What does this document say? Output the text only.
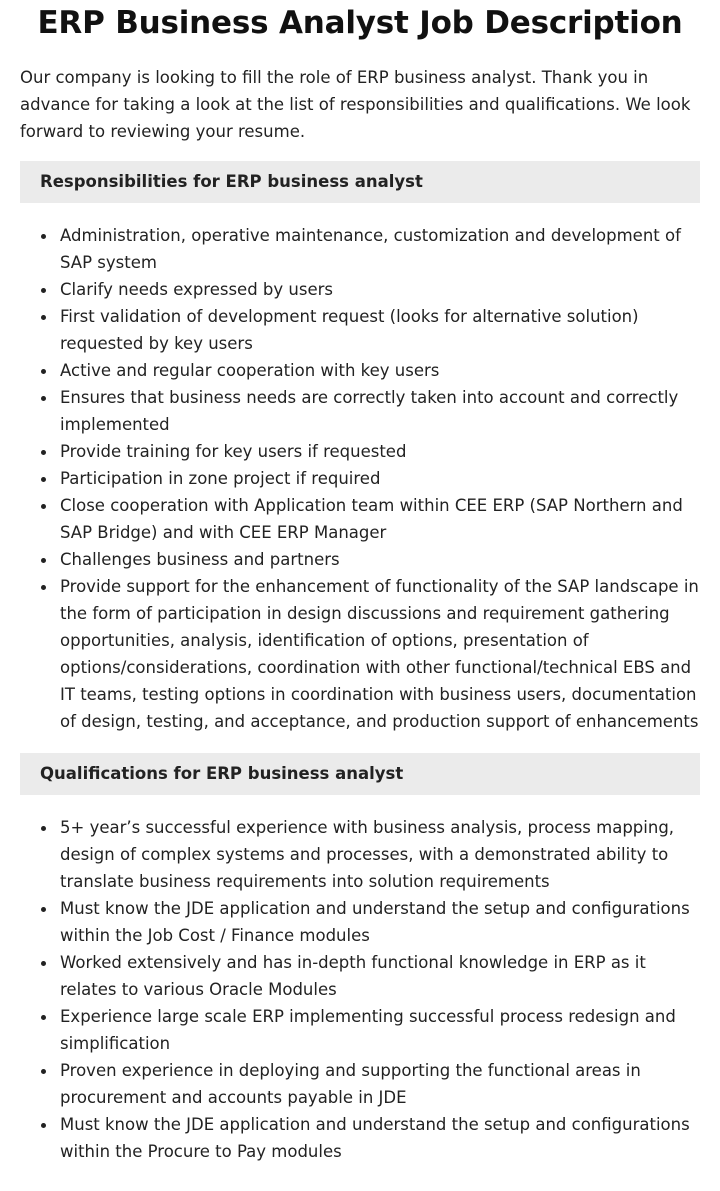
ERP Business Analyst Job Description

Our company is looking to fill the role of ERP business analyst. Thank you in advance for taking a look at the list of responsibilities and qualifications. We look forward to reviewing your resume.

Responsibilities for ERP business analyst
Administration, operative maintenance, customization and development of SAP system
Clarify needs expressed by users
First validation of development request (looks for alternative solution) requested by key users
Active and regular cooperation with key users
Ensures that business needs are correctly taken into account and correctly implemented
Provide training for key users if requested
Participation in zone project if required
Close cooperation with Application team within CEE ERP (SAP Northern and SAP Bridge) and with CEE ERP Manager
Challenges business and partners
Provide support for the enhancement of functionality of the SAP landscape in the form of participation in design discussions and requirement gathering opportunities, analysis, identification of options, presentation of options/considerations, coordination with other functional/technical EBS and IT teams, testing options in coordination with business users, documentation of design, testing, and acceptance, and production support of enhancements
Qualifications for ERP business analyst
5+ year’s successful experience with business analysis, process mapping, design of complex systems and processes, with a demonstrated ability to translate business requirements into solution requirements
Must know the JDE application and understand the setup and configurations within the Job Cost / Finance modules
Worked extensively and has in-depth functional knowledge in ERP as it relates to various Oracle Modules
Experience large scale ERP implementing successful process redesign and simplification
Proven experience in deploying and supporting the functional areas in procurement and accounts payable in JDE
Must know the JDE application and understand the setup and configurations within the Procure to Pay modules
